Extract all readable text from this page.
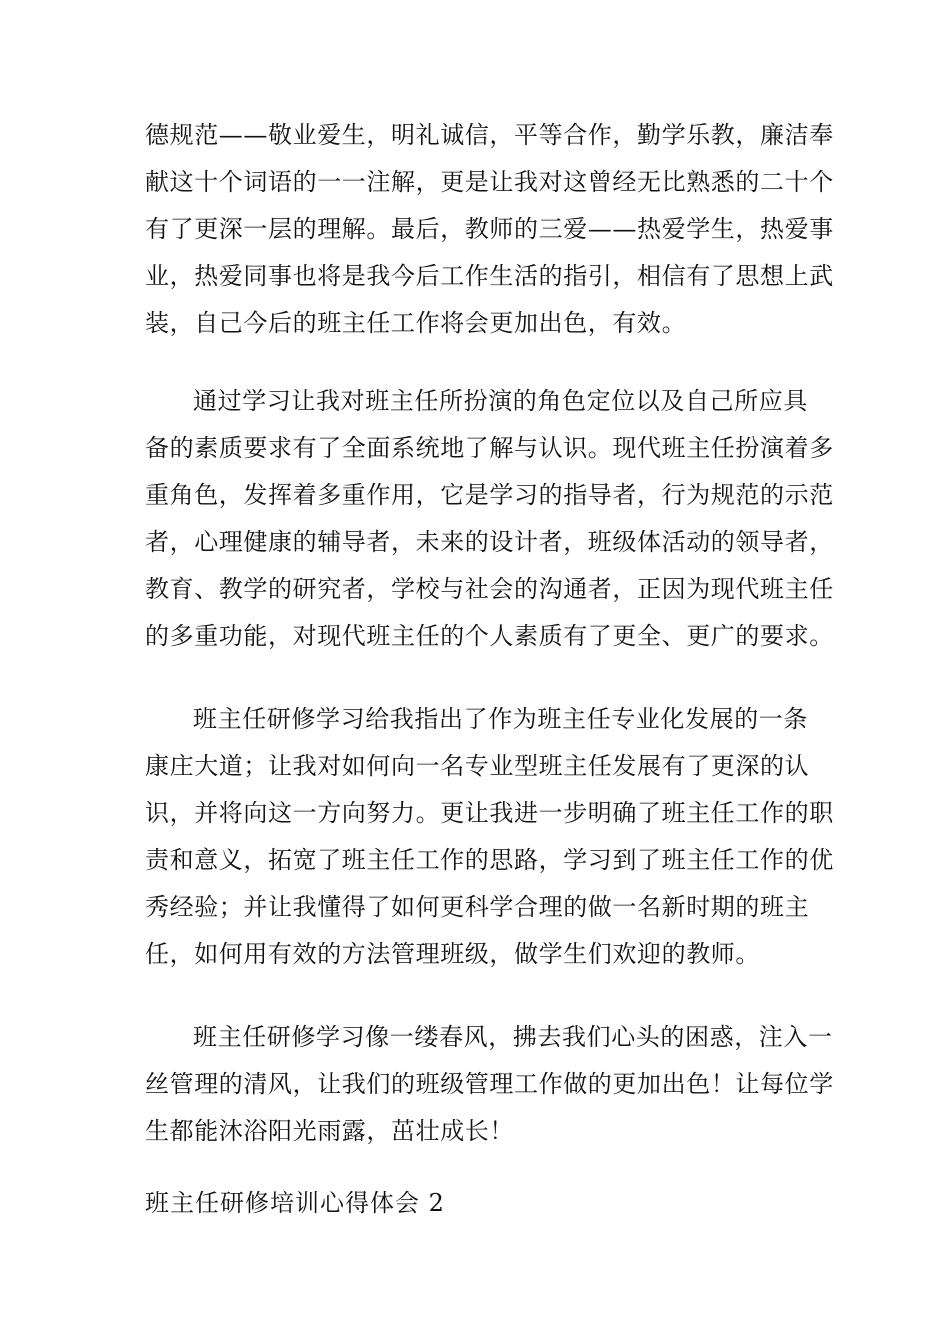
德规范——敬业爱生，明礼诚信，平等合作，勤学乐教，廉洁奉
献这十个词语的一一注解，更是让我对这曾经无比熟悉的二十个
有了更深一层的理解。最后，教师的三爱——热爱学生，热爱事
业，热爱同事也将是我今后工作生活的指引，相信有了思想上武
装，自己今后的班主任工作将会更加出色，有效。
通过学习让我对班主任所扮演的角色定位以及自己所应具
备的素质要求有了全面系统地了解与认识。现代班主任扮演着多
重角色，发挥着多重作用，它是学习的指导者，行为规范的示范
者，心理健康的辅导者，未来的设计者，班级体活动的领导者，
教育、教学的研究者，学校与社会的沟通者，正因为现代班主任
的多重功能，对现代班主任的个人素质有了更全、更广的要求。
班主任研修学习给我指出了作为班主任专业化发展的一条
康庄大道；让我对如何向一名专业型班主任发展有了更深的认
识，并将向这一方向努力。更让我进一步明确了班主任工作的职
责和意义，拓宽了班主任工作的思路，学习到了班主任工作的优
秀经验；并让我懂得了如何更科学合理的做一名新时期的班主
任，如何用有效的方法管理班级，做学生们欢迎的教师。
班主任研修学习像一缕春风，拂去我们心头的困惑，注入一
丝管理的清风，让我们的班级管理工作做的更加出色！让每位学
生都能沐浴阳光雨露，茁壮成长！
班主任研修培训心得体会 2
